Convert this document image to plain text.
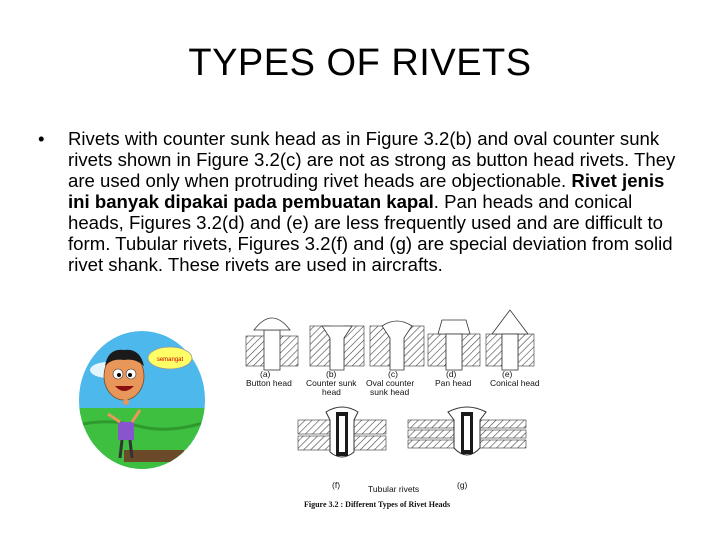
TYPES OF RIVETS
• Rivets with counter sunk head as in Figure 3.2(b) and oval counter sunk rivets shown in Figure 3.2(c) are not as strong as button head rivets. They are used only when protruding rivet heads are objectionable. Rivet jenis ini banyak dipakai pada pembuatan kapal. Pan heads and conical heads, Figures 3.2(d) and (e) are less frequently used and are difficult to form. Tubular rivets, Figures 3.2(f) and (g) are special deviation from solid rivet shank. These rivets are used in aircrafts.

semangat
(a)
Button head
(b)
Counter sunk
head
(c)
Oval counter
sunk head
(d)
Pan head
(e)
Conical head
(f)	(g)
Tubular rivets
Figure 3.2 : Different Types of Rivet Heads
